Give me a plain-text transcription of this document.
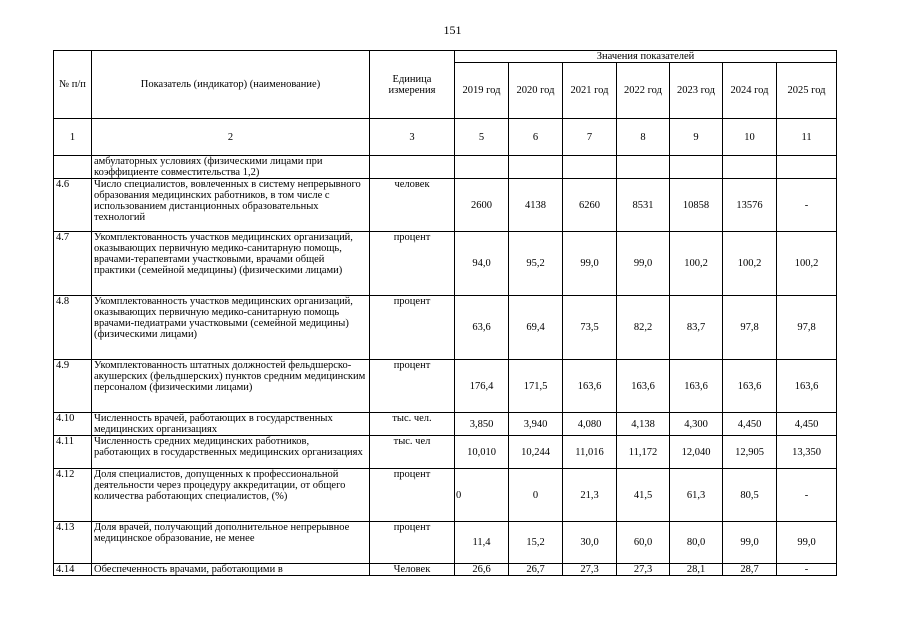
151
№ п/п	Показатель (индикатор) (наименование)	Единица измерения	Значения показателей						
			2019 год	2020 год	2021 год	2022 год	2023 год	2024 год	2025 год
1	2	3	5	6	7	8	9	10	11
	амбулаторных условиях (физическими лицами при коэффициенте совместительства 1,2)								
4.6	Число специалистов, вовлеченных в систему непрерывного образования медицинских работников, в том числе с использованием дистанционных образовательных технологий	человек	2600	4138	6260	8531	10858	13576	-
4.7	Укомплектованность участков медицинских организаций, оказывающих первичную медико-санитарную помощь, врачами-терапевтами участковыми, врачами общей практики (семейной медицины) (физическими лицами)	процент	94,0	95,2	99,0	99,0	100,2	100,2	100,2
4.8	Укомплектованность участков медицинских организаций, оказывающих первичную медико-санитарную помощь врачами-педиатрами участковыми (семейной медицины) (физическими лицами)	процент	63,6	69,4	73,5	82,2	83,7	97,8	97,8
4.9	Укомплектованность штатных должностей фельдшерско-акушерских (фельдшерских) пунктов средним медицинским персоналом (физическими лицами)	процент	176,4	171,5	163,6	163,6	163,6	163,6	163,6
4.10	Численность врачей, работающих в государственных медицинских организациях	тыс. чел.	3,850	3,940	4,080	4,138	4,300	4,450	4,450
4.11	Численность средних медицинских работников, работающих в государственных медицинских организациях	тыс. чел	10,010	10,244	11,016	11,172	12,040	12,905	13,350
4.12	Доля специалистов, допущенных к профессиональной деятельности через процедуру аккредитации, от общего количества работающих специалистов, (%)	процент	0	0	21,3	41,5	61,3	80,5	-
4.13	Доля врачей, получающий дополнительное непрерывное медицинское образование, не менее	процент	11,4	15,2	30,0	60,0	80,0	99,0	99,0
4.14	Обеспеченность врачами, работающими в	Человек	26,6	26,7	27,3	27,3	28,1	28,7	-
